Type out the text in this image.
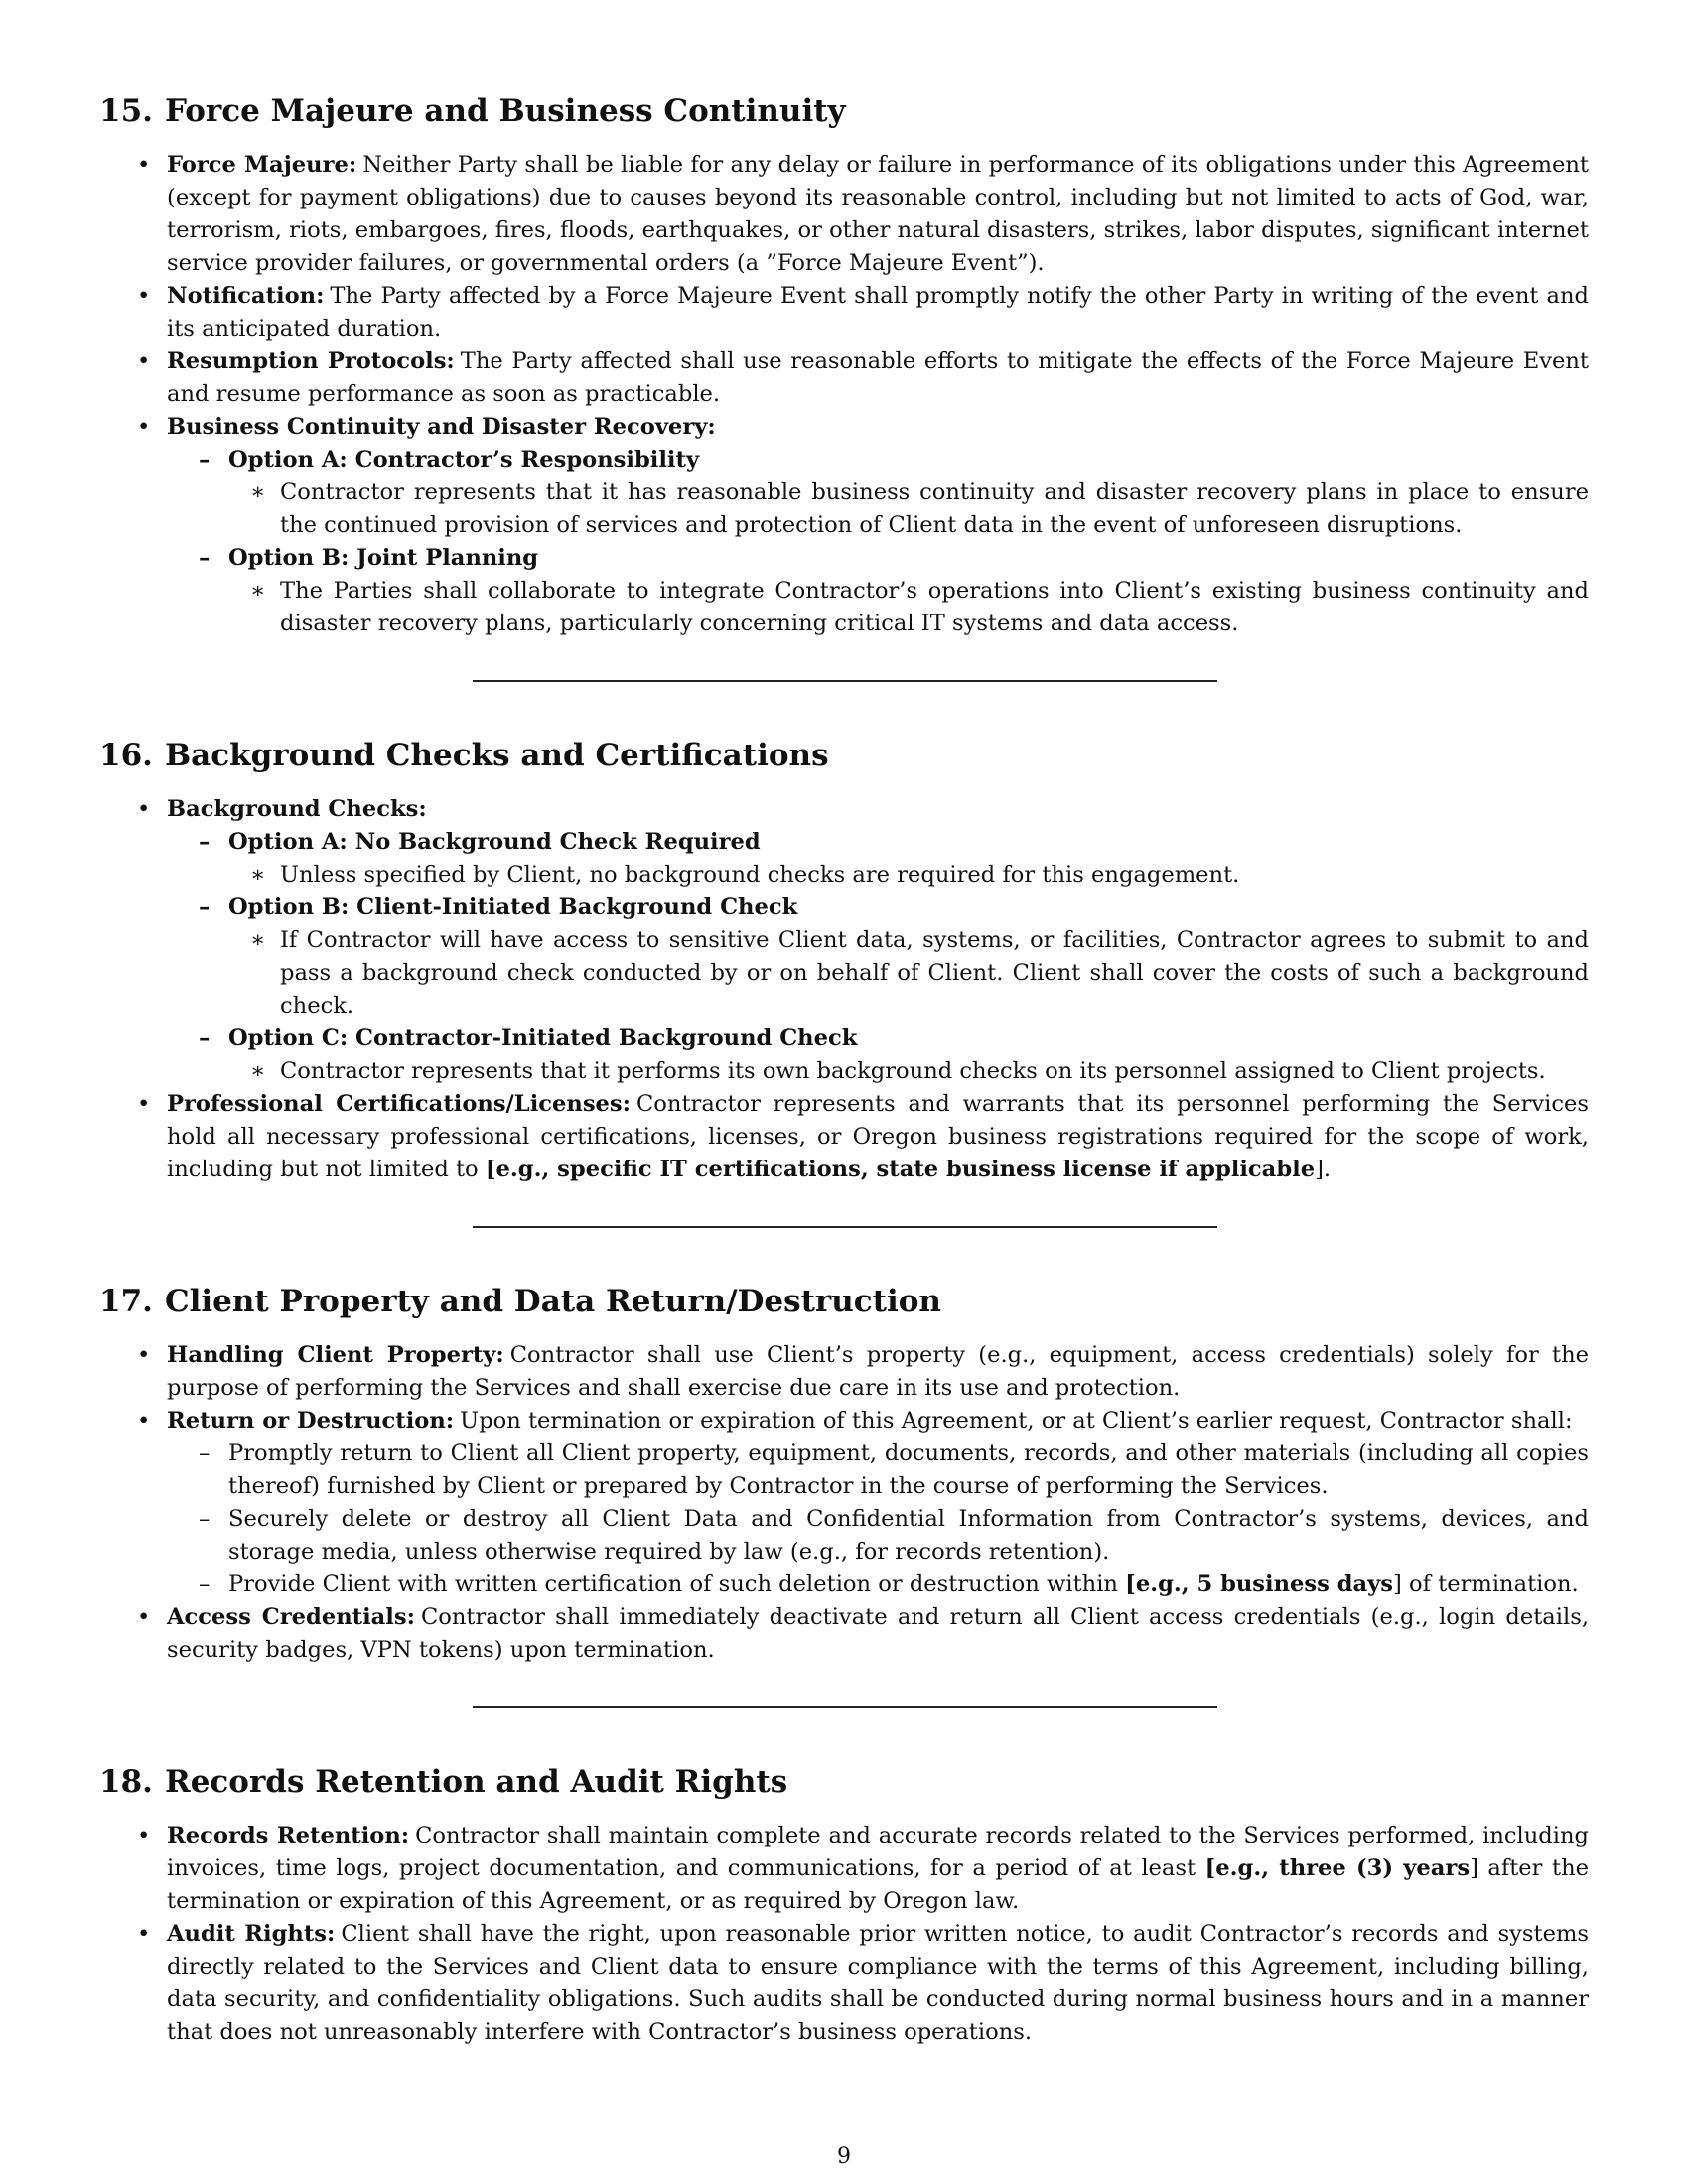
15. Force Majeure and Business Continuity
• Force Majeure: Neither Party shall be liable for any delay or failure in performance of its obligations under this Agreement (except for payment obligations) due to causes beyond its reasonable control, including but not limited to acts of God, war, terrorism, riots, embargoes, fires, floods, earthquakes, or other natural disasters, strikes, labor disputes, significant internet service provider failures, or governmental orders (a ”Force Majeure Event”).
• Notification: The Party affected by a Force Majeure Event shall promptly notify the other Party in writing of the event and its anticipated duration.
• Resumption Protocols: The Party affected shall use reasonable efforts to mitigate the effects of the Force Majeure Event and resume performance as soon as practicable.
• Business Continuity and Disaster Recovery:
– Option A: Contractor’s Responsibility
∗ Contractor represents that it has reasonable business continuity and disaster recovery plans in place to ensure the continued provision of services and protection of Client data in the event of unforeseen disruptions.
– Option B: Joint Planning
∗ The Parties shall collaborate to integrate Contractor’s operations into Client’s existing business continuity and disaster recovery plans, particularly concerning critical IT systems and data access.
16. Background Checks and Certifications
• Background Checks:
– Option A: No Background Check Required
∗ Unless specified by Client, no background checks are required for this engagement.
– Option B: Client-Initiated Background Check
∗ If Contractor will have access to sensitive Client data, systems, or facilities, Contractor agrees to submit to and pass a background check conducted by or on behalf of Client. Client shall cover the costs of such a background check.
– Option C: Contractor-Initiated Background Check
∗ Contractor represents that it performs its own background checks on its personnel assigned to Client projects.
• Professional Certifications/Licenses: Contractor represents and warrants that its personnel performing the Services hold all necessary professional certifications, licenses, or Oregon business registrations required for the scope of work, including but not limited to [e.g., specific IT certifications, state business license if applicable].
17. Client Property and Data Return/Destruction
• Handling Client Property: Contractor shall use Client’s property (e.g., equipment, access credentials) solely for the purpose of performing the Services and shall exercise due care in its use and protection.
• Return or Destruction: Upon termination or expiration of this Agreement, or at Client’s earlier request, Contractor shall:
– Promptly return to Client all Client property, equipment, documents, records, and other materials (including all copies thereof) furnished by Client or prepared by Contractor in the course of performing the Services.
– Securely delete or destroy all Client Data and Confidential Information from Contractor’s systems, devices, and storage media, unless otherwise required by law (e.g., for records retention).
– Provide Client with written certification of such deletion or destruction within [e.g., 5 business days] of termination.
• Access Credentials: Contractor shall immediately deactivate and return all Client access credentials (e.g., login details, security badges, VPN tokens) upon termination.
18. Records Retention and Audit Rights
• Records Retention: Contractor shall maintain complete and accurate records related to the Services performed, including invoices, time logs, project documentation, and communications, for a period of at least [e.g., three (3) years] after the termination or expiration of this Agreement, or as required by Oregon law.
• Audit Rights: Client shall have the right, upon reasonable prior written notice, to audit Contractor’s records and systems directly related to the Services and Client data to ensure compliance with the terms of this Agreement, including billing, data security, and confidentiality obligations. Such audits shall be conducted during normal business hours and in a manner that does not unreasonably interfere with Contractor’s business operations.
9
